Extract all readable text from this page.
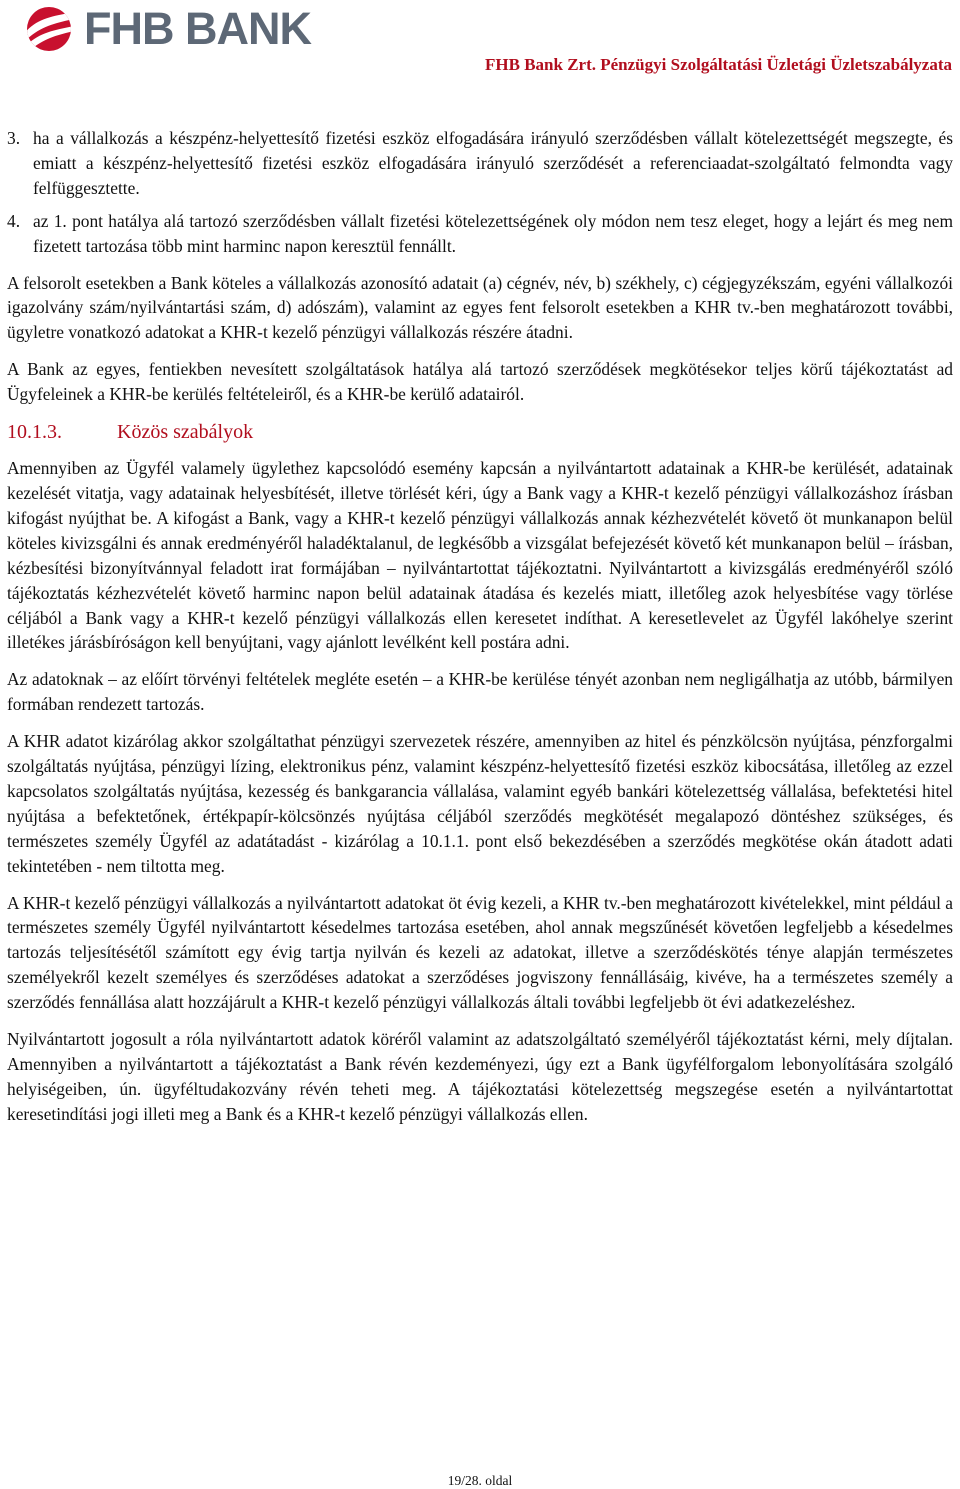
FHB BANK
FHB Bank Zrt. Pénzügyi Szolgáltatási Üzletági Üzletszabályzata
3. ha a vállalkozás a készpénz-helyettesítő fizetési eszköz elfogadására irányuló szerződésben vállalt kötelezettségét megszegte, és emiatt a készpénz-helyettesítő fizetési eszköz elfogadására irányuló szerződését a referenciaadat-szolgáltató felmondta vagy felfüggesztette.
4. az 1. pont hatálya alá tartozó szerződésben vállalt fizetési kötelezettségének oly módon nem tesz eleget, hogy a lejárt és meg nem fizetett tartozása több mint harminc napon keresztül fennállt.

A felsorolt esetekben a Bank köteles a vállalkozás azonosító adatait (a) cégnév, név, b) székhely, c) cégjegyzékszám, egyéni vállalkozói igazolvány szám/nyilvántartási szám, d) adószám), valamint az egyes fent felsorolt esetekben a KHR tv.-ben meghatározott további, ügyletre vonatkozó adatokat a KHR-t kezelő pénzügyi vállalkozás részére átadni.

A Bank az egyes, fentiekben nevesített szolgáltatások hatálya alá tartozó szerződések megkötésekor teljes körű tájékoztatást ad Ügyfeleinek a KHR-be kerülés feltételeiről, és a KHR-be kerülő adatairól.

10.1.3.	Közös szabályok

Amennyiben az Ügyfél valamely ügylethez kapcsolódó esemény kapcsán a nyilvántartott adatainak a KHR-be kerülését, adatainak kezelését vitatja, vagy adatainak helyesbítését, illetve törlését kéri, úgy a Bank vagy a KHR-t kezelő pénzügyi vállalkozáshoz írásban kifogást nyújthat be. A kifogást a Bank, vagy a KHR-t kezelő pénzügyi vállalkozás annak kézhezvételét követő öt munkanapon belül köteles kivizsgálni és annak eredményéről haladéktalanul, de legkésőbb a vizsgálat befejezését követő két munkanapon belül – írásban, kézbesítési bizonyítvánnyal feladott irat formájában – nyilvántartottat tájékoztatni. Nyilvántartott a kivizsgálás eredményéről szóló tájékoztatás kézhezvételét követő harminc napon belül adatainak átadása és kezelés miatt, illetőleg azok helyesbítése vagy törlése céljából a Bank vagy a KHR-t kezelő pénzügyi vállalkozás ellen keresetet indíthat. A keresetlevelet az Ügyfél lakóhelye szerint illetékes járásbíróságon kell benyújtani, vagy ajánlott levélként kell postára adni.

Az adatoknak – az előírt törvényi feltételek megléte esetén – a KHR-be kerülése tényét azonban nem negligálhatja az utóbb, bármilyen formában rendezett tartozás.

A KHR adatot kizárólag akkor szolgáltathat pénzügyi szervezetek részére, amennyiben az hitel és pénzkölcsön nyújtása, pénzforgalmi szolgáltatás nyújtása, pénzügyi lízing, elektronikus pénz, valamint készpénz-helyettesítő fizetési eszköz kibocsátása, illetőleg az ezzel kapcsolatos szolgáltatás nyújtása, kezesség és bankgarancia vállalása, valamint egyéb bankári kötelezettség vállalása, befektetési hitel nyújtása a befektetőnek, értékpapír-kölcsönzés nyújtása céljából szerződés megkötését megalapozó döntéshez szükséges, és természetes személy Ügyfél az adatátadást - kizárólag a 10.1.1. pont első bekezdésében a szerződés megkötése okán átadott adati tekintetében - nem tiltotta meg.

A KHR-t kezelő pénzügyi vállalkozás a nyilvántartott adatokat öt évig kezeli, a KHR tv.-ben meghatározott kivételekkel, mint például a természetes személy Ügyfél nyilvántartott késedelmes tartozása esetében, ahol annak megszűnését követően legfeljebb a késedelmes tartozás teljesítésétől számított egy évig tartja nyilván és kezeli az adatokat, illetve a szerződéskötés ténye alapján természetes személyekről kezelt személyes és szerződéses adatokat a szerződéses jogviszony fennállásáig, kivéve, ha a természetes személy a szerződés fennállása alatt hozzájárult a KHR-t kezelő pénzügyi vállalkozás általi további legfeljebb öt évi adatkezeléshez.

Nyilvántartott jogosult a róla nyilvántartott adatok köréről valamint az adatszolgáltató személyéről tájékoztatást kérni, mely díjtalan. Amennyiben a nyilvántartott a tájékoztatást a Bank révén kezdeményezi, úgy ezt a Bank ügyfélforgalom lebonyolítására szolgáló helyiségeiben, ún. ügyféltudakozvány révén teheti meg. A tájékoztatási kötelezettség megszegése esetén a nyilvántartottat keresetindítási jogi illeti meg a Bank és a KHR-t kezelő pénzügyi vállalkozás ellen.

19/28. oldal
